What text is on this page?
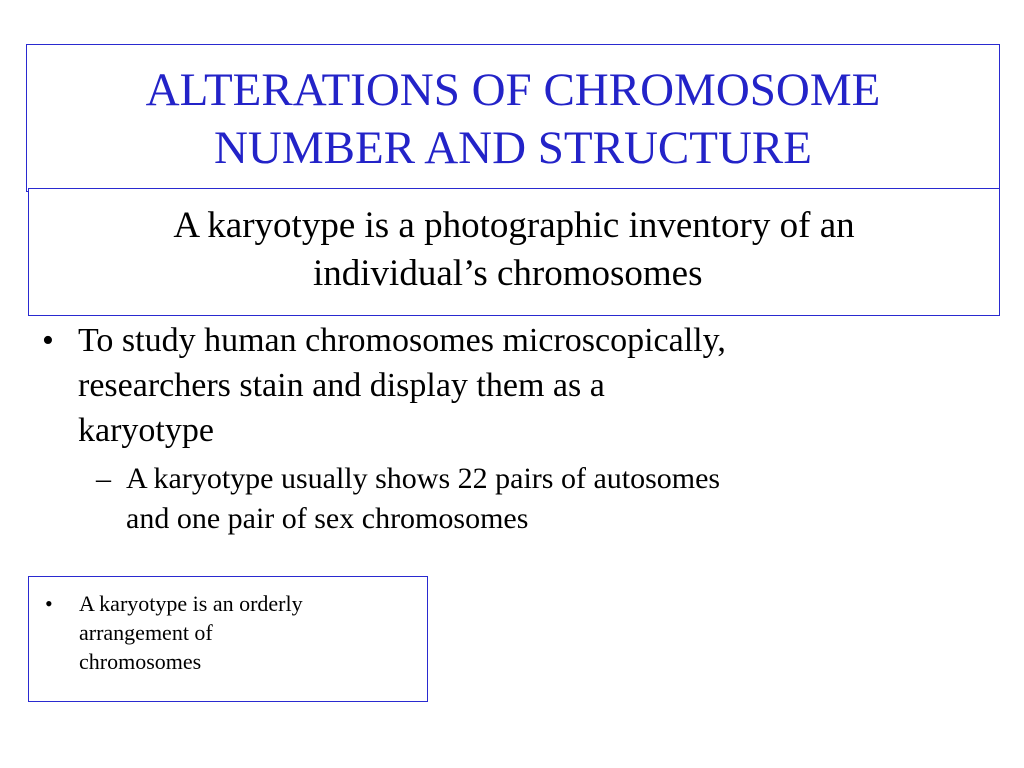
ALTERATIONS OF CHROMOSOME
NUMBER AND STRUCTURE
A karyotype is a photographic inventory of an
individual’s chromosomes
• To study human chromosomes microscopically,
researchers stain and display them as a
karyotype
– A karyotype usually shows 22 pairs of autosomes
and one pair of sex chromosomes
• A karyotype is an orderly
arrangement of
chromosomes
